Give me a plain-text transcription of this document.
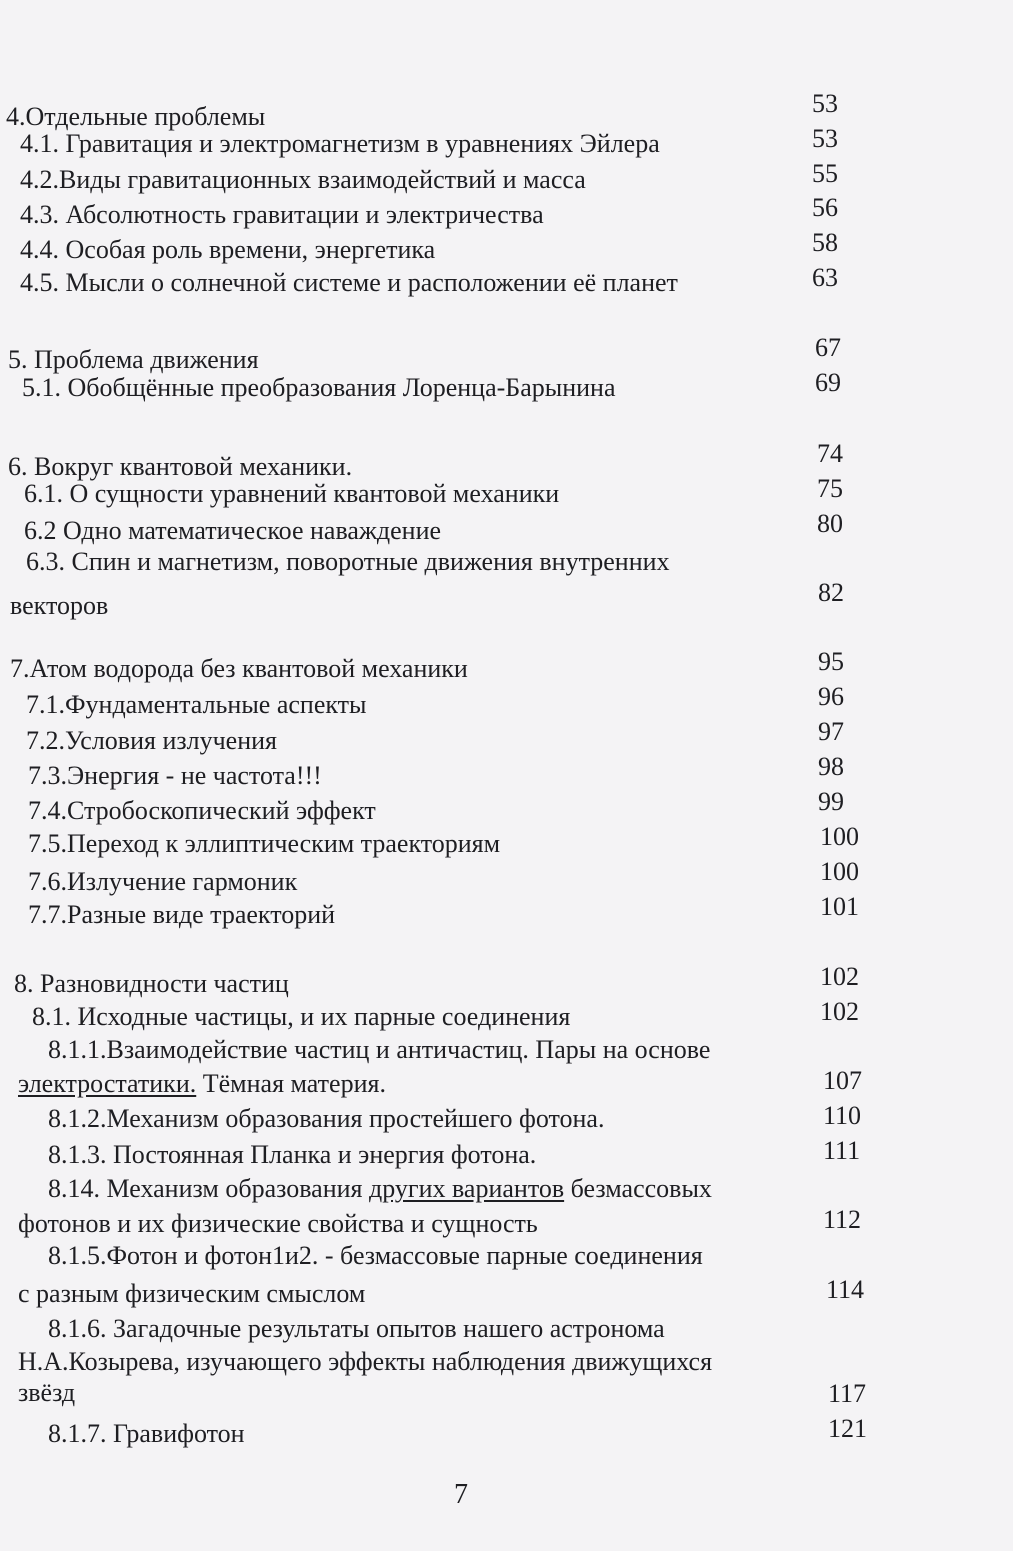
4.Отдельные проблемы	53
4.1. Гравитация и электромагнетизм в уравнениях Эйлера	53
4.2.Виды гравитационных взаимодействий и масса	55
4.3. Абсолютность гравитации и электричества	56
4.4. Особая роль времени, энергетика	58
4.5. Мысли о солнечной системе и расположении её планет	63
5. Проблема движения	67
5.1. Обобщённые преобразования Лоренца-Барынина	69
6. Вокруг квантовой механики.	74
6.1. О сущности уравнений квантовой механики	75
6.2 Одно математическое наваждение	80
6.3. Спин и магнетизм, поворотные движения внутренних
векторов	82
7.Атом водорода без квантовой механики	95
7.1.Фундаментальные аспекты	96
7.2.Условия излучения	97
7.3.Энергия - не частота!!!	98
7.4.Стробоскопический эффект	99
7.5.Переход к эллиптическим траекториям	100
7.6.Излучение гармоник	100
7.7.Разные виде траекторий	101
8. Разновидности частиц	102
8.1. Исходные частицы, и их парные соединения	102
8.1.1.Взаимодействие частиц и античастиц. Пары на основе
электростатики. Тёмная материя.	107
8.1.2.Механизм образования простейшего фотона.	110
8.1.3. Постоянная Планка и энергия фотона.	111
8.14. Механизм образования других вариантов безмассовых
фотонов и их физические свойства и сущность	112
8.1.5.Фотон и фотон1и2. - безмассовые парные соединения
с разным физическим смыслом	114
8.1.6. Загадочные результаты опытов нашего астронома
Н.А.Козырева, изучающего эффекты наблюдения движущихся
звёзд	117
8.1.7. Гравифотон	121
7
